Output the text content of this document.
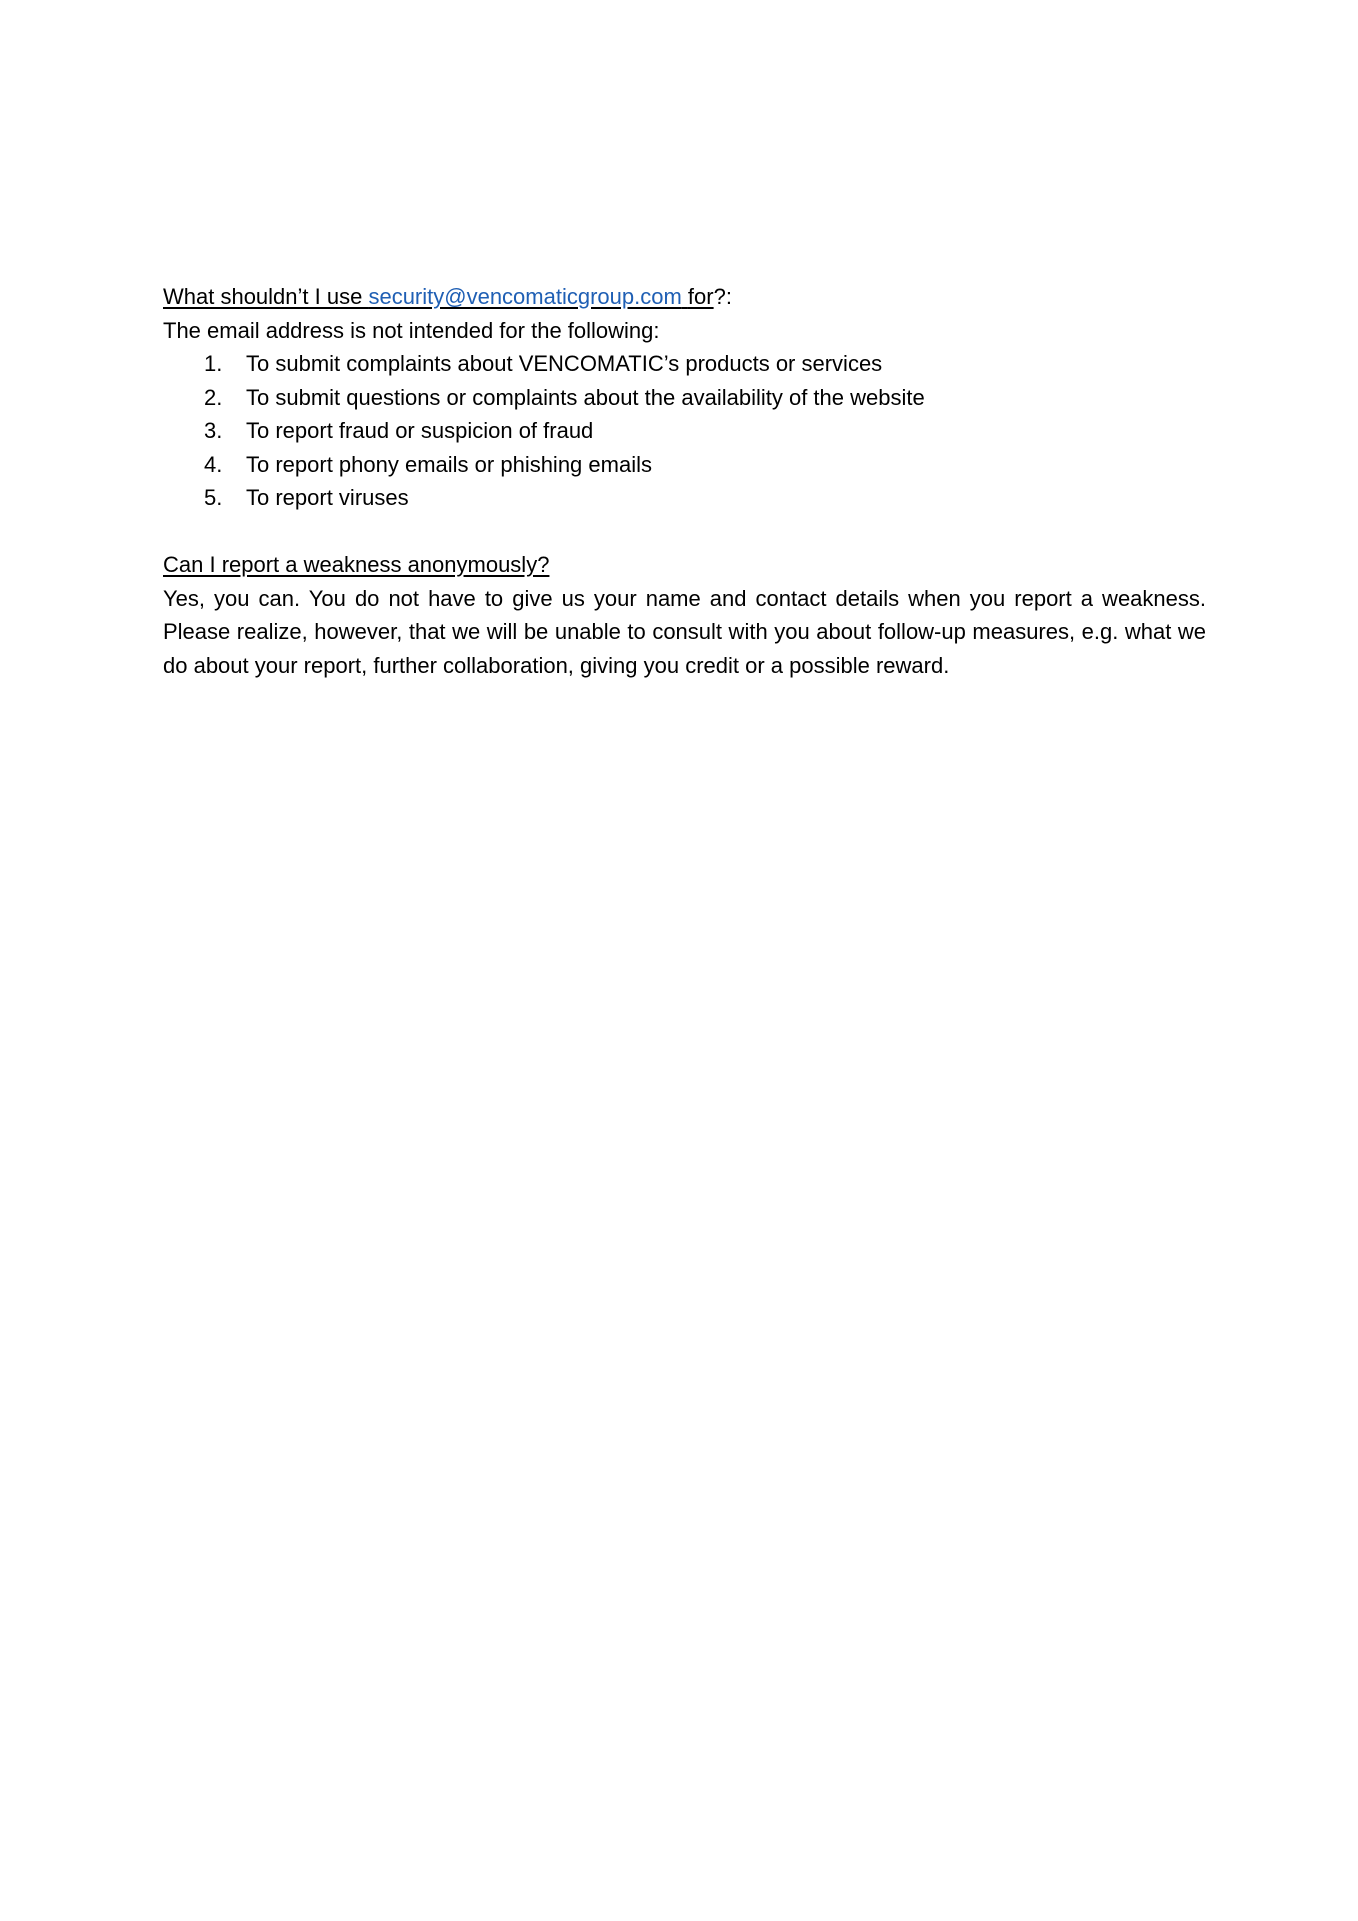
What shouldn’t I use security@vencomaticgroup.com for?:

The email address is not intended for the following:

1.	To submit complaints about VENCOMATIC’s products or services
2.	To submit questions or complaints about the availability of the website
3.	To report fraud or suspicion of fraud
4.	To report phony emails or phishing emails
5.	To report viruses

Can I report a weakness anonymously?

Yes, you can. You do not have to give us your name and contact details when you report a weakness. Please realize, however, that we will be unable to consult with you about follow-up measures, e.g. what we do about your report, further collaboration, giving you credit or a possible reward.
